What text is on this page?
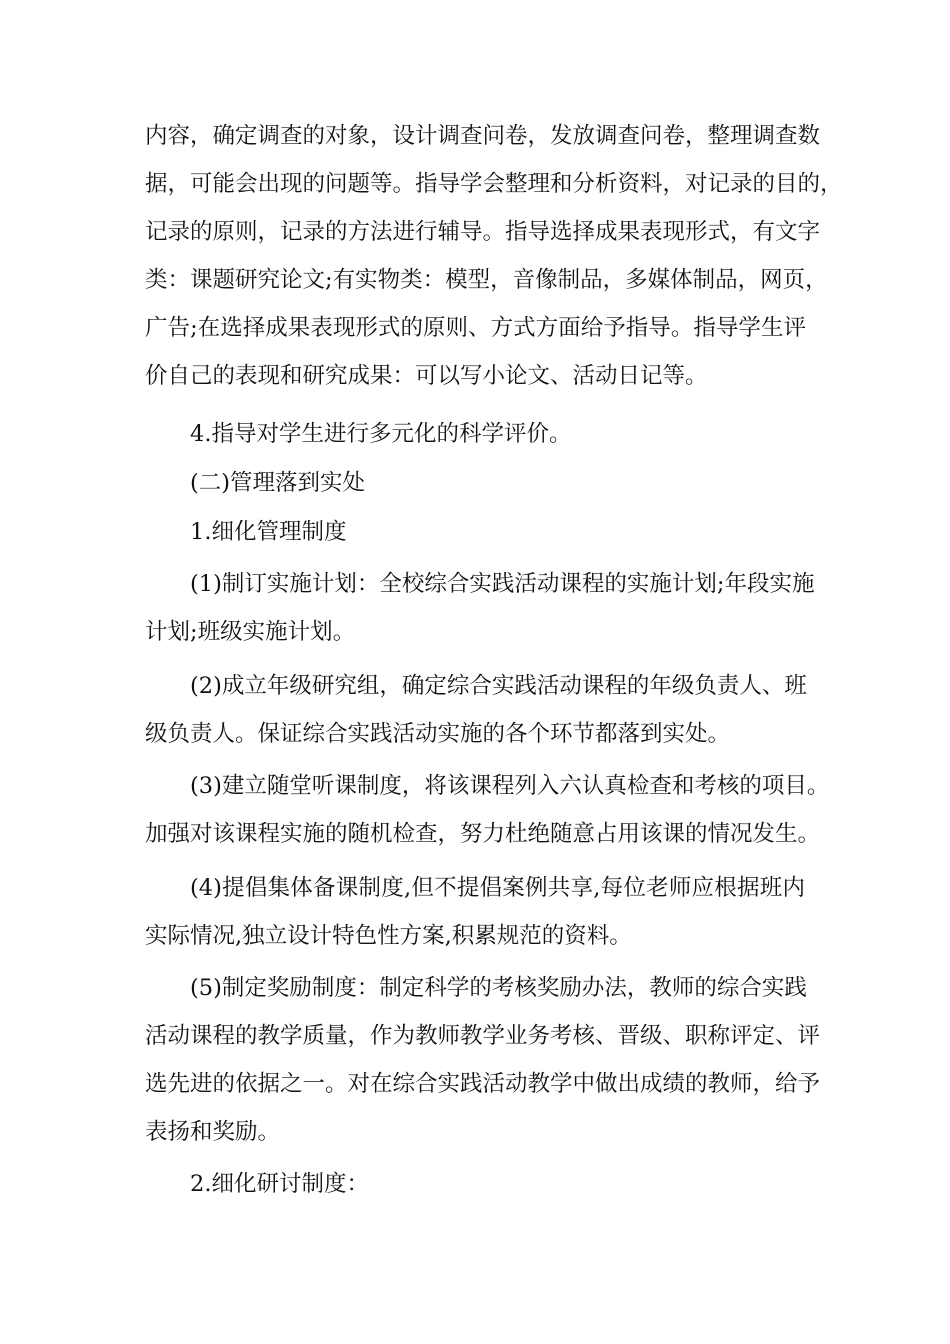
内容，确定调查的对象，设计调查问卷，发放调查问卷，整理调查数
据，可能会出现的问题等。指导学会整理和分析资料，对记录的目的，
记录的原则，记录的方法进行辅导。指导选择成果表现形式，有文字
类：课题研究论文;有实物类：模型，音像制品，多媒体制品，网页，
广告;在选择成果表现形式的原则、方式方面给予指导。指导学生评
价自己的表现和研究成果：可以写小论文、活动日记等。
4.指导对学生进行多元化的科学评价。
(二)管理落到实处
1.细化管理制度
(1)制订实施计划：全校综合实践活动课程的实施计划;年段实施
计划;班级实施计划。
(2)成立年级研究组，确定综合实践活动课程的年级负责人、班
级负责人。保证综合实践活动实施的各个环节都落到实处。
(3)建立随堂听课制度，将该课程列入六认真检查和考核的项目。
加强对该课程实施的随机检查，努力杜绝随意占用该课的情况发生。
(4)提倡集体备课制度,但不提倡案例共享,每位老师应根据班内
实际情况,独立设计特色性方案,积累规范的资料。
(5)制定奖励制度：制定科学的考核奖励办法，教师的综合实践
活动课程的教学质量，作为教师教学业务考核、晋级、职称评定、评
选先进的依据之一。对在综合实践活动教学中做出成绩的教师，给予
表扬和奖励。
2.细化研讨制度：
